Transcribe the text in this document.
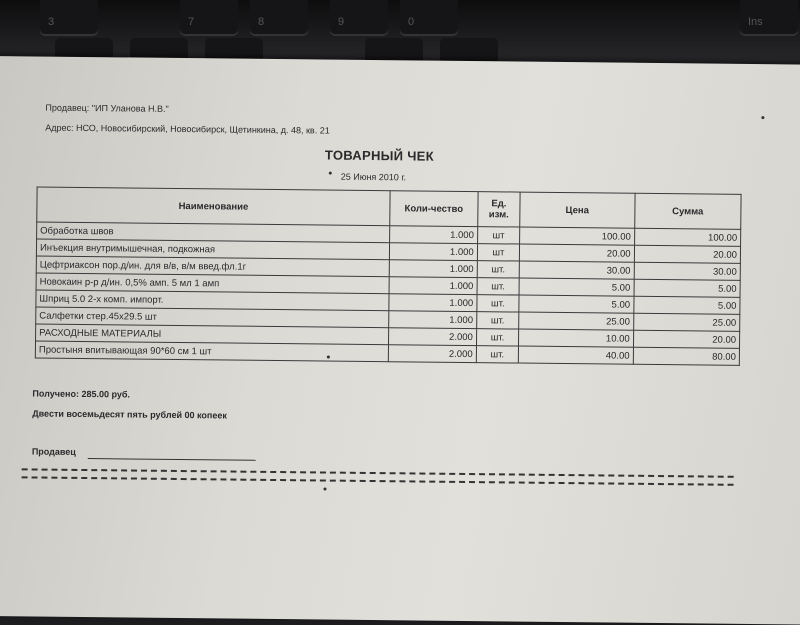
3	7	8	9	0	Ins
Продавец: "ИП Уланова Н.В."
Адрес: НСО, Новосибирский, Новосибирск, Щетинкина, д. 48, кв. 21
ТОВАРНЫЙ ЧЕК
25 Июня 2010 г.
Наименование	Коли-чество	Ед. изм.	Цена	Сумма
Обработка швов	1.000	шт	100.00	100.00
Инъекция внутримышечная, подкожная	1.000	шт	20.00	20.00
Цефтриаксон пор.д/ин. для в/в, в/м введ.фл.1г	1.000	шт.	30.00	30.00
Новокаин р-р д/ин. 0,5% амп. 5 мл 1 амп	1.000	шт.	5.00	5.00
Шприц 5.0 2-х комп. импорт.	1.000	шт.	5.00	5.00
Салфетки стер.45х29.5 шт	1.000	шт.	25.00	25.00
РАСХОДНЫЕ МАТЕРИАЛЫ	2.000	шт.	10.00	20.00
Простыня впитывающая 90*60 см 1 шт	2.000	шт.	40.00	80.00
Получено: 285.00 руб.
Двести восемьдесят пять рублей 00 копеек
Продавец
